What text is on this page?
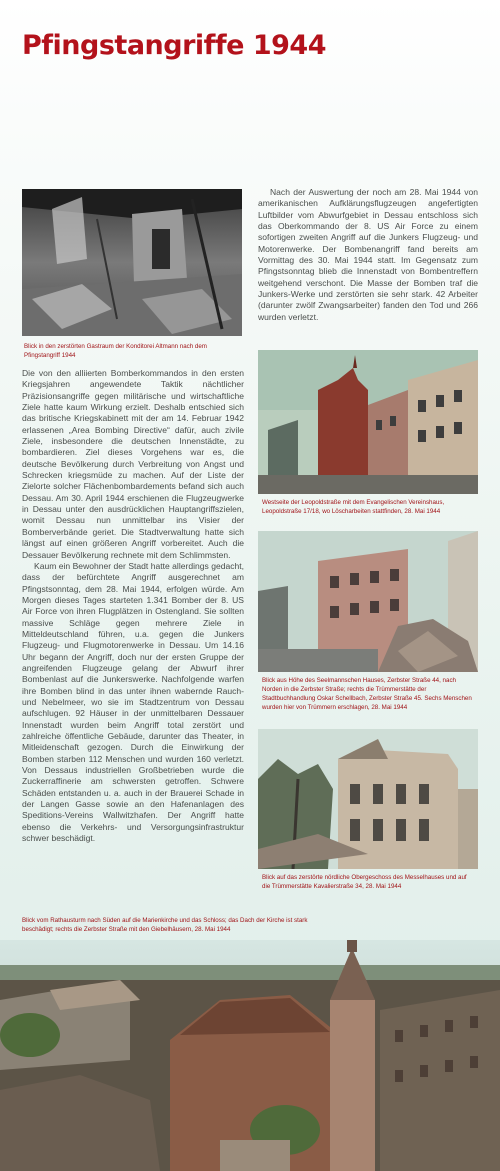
Pfingstangriffe 1944
Blick in den zerstörten Gastraum der Konditorei Altmann nach dem Pfingstangriff 1944

Nach der Auswertung der noch am 28. Mai 1944 von amerikanischen Aufklärungsflugzeugen angefertigten Luftbilder vom Abwurfgebiet in Dessau entschloss sich das Oberkommando der 8. US Air Force zu einem sofortigen zweiten Angriff auf die Junkers Flugzeug- und Motorenwerke. Der Bombenangriff fand bereits am Vormittag des 30. Mai 1944 statt. Im Gegensatz zum Pfingstsonntag blieb die Innenstadt von Bombentreffern weitgehend verschont. Die Masse der Bomben traf die Junkers-Werke und zerstörten sie sehr stark. 42 Arbeiter (darunter zwölf Zwangsarbeiter) fanden den Tod und 266 wurden verletzt.

Westseite der Leopoldstraße mit dem Evangelischen Vereinshaus, Leopoldstraße 17/18, wo Löscharbeiten stattfinden, 28. Mai 1944

Die von den alliierten Bomberkommandos in den ersten Kriegsjahren angewendete Taktik nächtlicher Präzisionsangriffe gegen militärische und wirtschaftliche Ziele hatte kaum Wirkung erzielt. Deshalb entschied sich das britische Kriegskabinett mit der am 14. Februar 1942 erlassenen „Area Bombing Directive“ dafür, auch zivile Ziele, insbesondere die deutschen Innenstädte, zu bombardieren. Ziel dieses Vorgehens war es, die deutsche Bevölkerung durch Verbreitung von Angst und Schrecken kriegsmüde zu machen. Auf der Liste der Zielorte solcher Flächenbombardements befand sich auch Dessau. Am 30. April 1944 erschienen die Flugzeugwerke in Dessau unter den ausdrücklichen Hauptangriffszielen, womit Dessau nun unmittelbar ins Visier der Bomberverbände geriet. Die Stadtverwaltung hatte sich längst auf einen größeren Angriff vorbereitet. Auch die Dessauer Bevölkerung rechnete mit dem Schlimmsten.

Kaum ein Bewohner der Stadt hatte allerdings gedacht, dass der befürchtete Angriff ausgerechnet am Pfingstsonntag, dem 28. Mai 1944, erfolgen würde. Am Morgen dieses Tages starteten 1.341 Bomber der 8. US Air Force von ihren Flugplätzen in Ostengland. Sie sollten massive Schläge gegen mehrere Ziele in Mitteldeutschland führen, u.a. gegen die Junkers Flugzeug- und Flugmotorenwerke in Dessau. Um 14.16 Uhr begann der Angriff, doch nur der ersten Gruppe der angreifenden Flugzeuge gelang der Abwurf ihrer Bombenlast auf die Junkerswerke. Nachfolgende warfen ihre Bomben blind in das unter ihnen wabernde Rauch- und Nebelmeer, wo sie im Stadtzentrum von Dessau aufschlugen. 92 Häuser in der unmittelbaren Dessauer Innenstadt wurden beim Angriff total zerstört und zahlreiche öffentliche Gebäude, darunter das Theater, in Mitleidenschaft gezogen. Durch die Einwirkung der Bomben starben 112 Menschen und wurden 160 verletzt. Von Dessaus industriellen Großbetrieben wurde die Zuckerraffinerie am schwersten getroffen. Schwere Schäden entstanden u. a. auch in der Brauerei Schade in der Langen Gasse sowie an den Hafenanlagen des Speditions-Vereins Wallwitzhafen. Der Angriff hatte ebenso die Verkehrs- und Versorgungsinfrastruktur schwer beschädigt.

Blick aus Höhe des Seelmannschen Hauses, Zerbster Straße 44, nach Norden in die Zerbster Straße; rechts die Trümmerstätte der Stadtbuchhandlung Oskar Schellbach, Zerbster Straße 45. Sechs Menschen wurden hier von Trümmern erschlagen, 28. Mai 1944
Blick auf das zerstörte nördliche Obergeschoss des Messelhauses und auf die Trümmerstätte Kavalierstraße 34, 28. Mai 1944
Blick vom Rathausturm nach Süden auf die Marienkirche und das Schloss; das Dach der Kirche ist stark beschädigt; rechts die Zerbster Straße mit den Giebelhäusern, 28. Mai 1944
